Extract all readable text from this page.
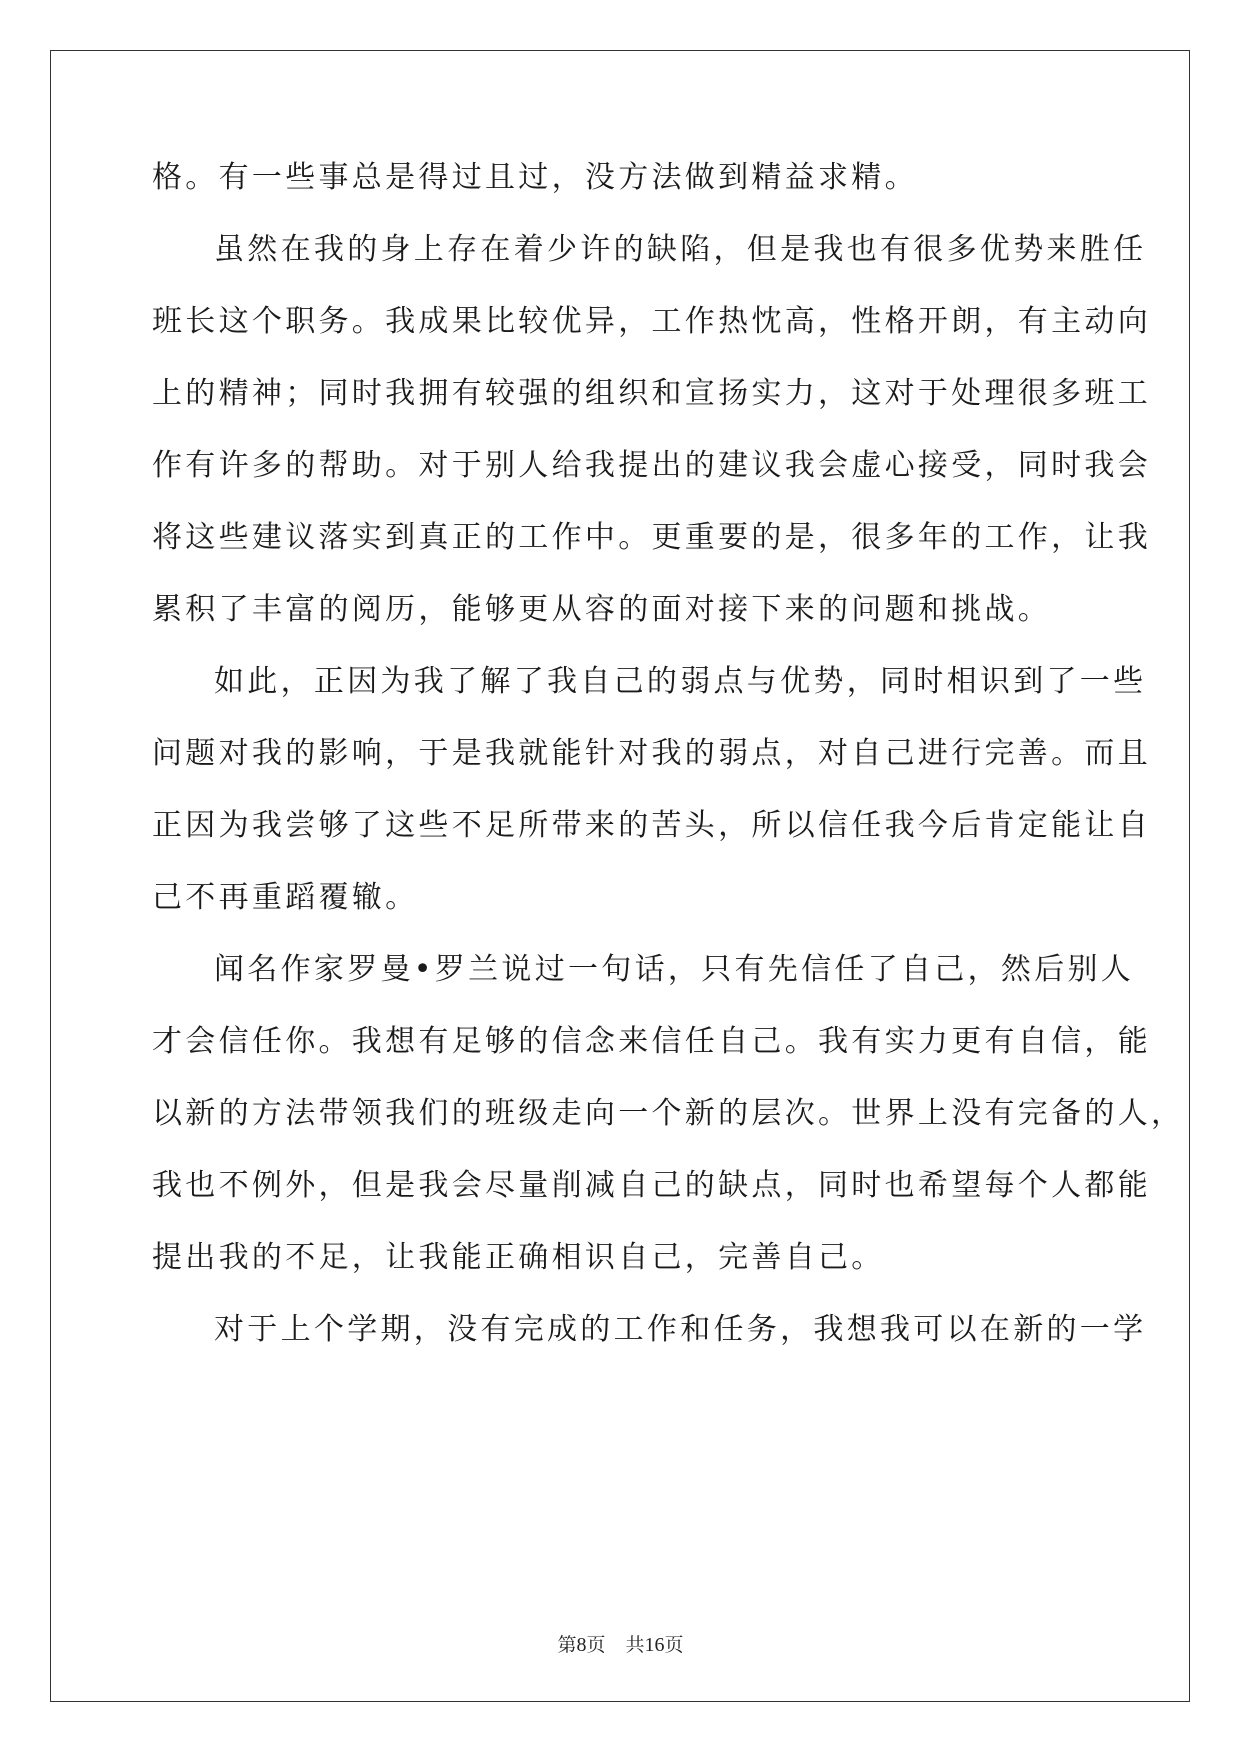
格。有一些事总是得过且过，没方法做到精益求精。
虽然在我的身上存在着少许的缺陷，但是我也有很多优势来胜任
班长这个职务。我成果比较优异，工作热忱高，性格开朗，有主动向
上的精神；同时我拥有较强的组织和宣扬实力，这对于处理很多班工
作有许多的帮助。对于别人给我提出的建议我会虚心接受，同时我会
将这些建议落实到真正的工作中。更重要的是，很多年的工作，让我
累积了丰富的阅历，能够更从容的面对接下来的问题和挑战。
如此，正因为我了解了我自己的弱点与优势，同时相识到了一些
问题对我的影响，于是我就能针对我的弱点，对自己进行完善。而且
正因为我尝够了这些不足所带来的苦头，所以信任我今后肯定能让自
己不再重蹈覆辙。
闻名作家罗曼•罗兰说过一句话，只有先信任了自己，然后别人
才会信任你。我想有足够的信念来信任自己。我有实力更有自信，能
以新的方法带领我们的班级走向一个新的层次。世界上没有完备的人，
我也不例外，但是我会尽量削减自己的缺点，同时也希望每个人都能
提出我的不足，让我能正确相识自己，完善自己。
对于上个学期，没有完成的工作和任务，我想我可以在新的一学
第8页 共16页
